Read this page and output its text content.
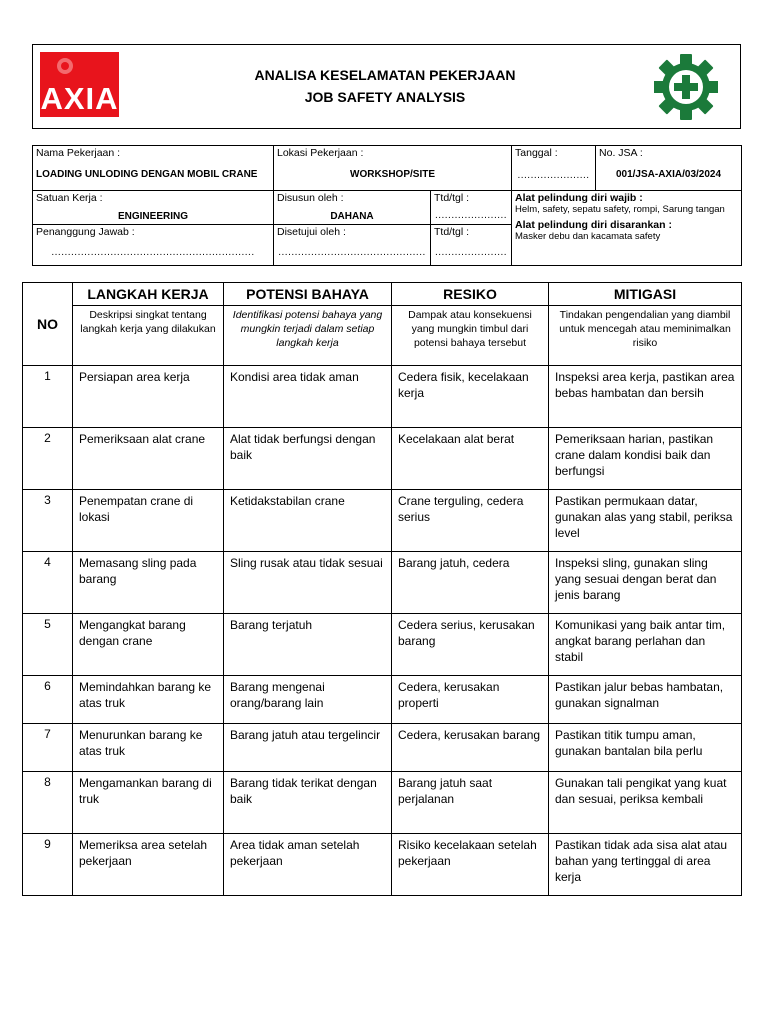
AXIA
ANALISA KESELAMATAN PEKERJAAN
JOB SAFETY ANALYSIS
Nama Pekerjaan :
LOADING UNLODING DENGAN MOBIL CRANE	Lokasi Pekerjaan :
WORKSHOP/SITE		Tanggal :
......................	No. JSA :
001/JSA-AXIA/03/2024

Satuan Kerja :
ENGINEERING	Disusun oleh :
DAHANA	Ttd/tgl :
......................	Alat pelindung diri wajib :
Helm, safety, sepatu safety, rompi, Sarung tangan
Alat pelindung diri disarankan :
Masker debu dan kacamata safety	

Penanggung Jawab :
..............................................................	Disetujui oleh :
.............................................	Ttd/tgl :
......................		
NO	LANGKAH KERJA	POTENSI BAHAYA	RESIKO	MITIGASI
	Deskripsi singkat tentang langkah kerja yang dilakukan	Identifikasi potensi bahaya yang mungkin terjadi dalam setiap langkah kerja	Dampak atau konsekuensi yang mungkin timbul dari potensi bahaya tersebut	Tindakan pengendalian yang diambil untuk mencegah atau meminimalkan risiko
1	Persiapan area kerja	Kondisi area tidak aman	Cedera fisik, kecelakaan kerja	Inspeksi area kerja, pastikan area bebas hambatan dan bersih
2	Pemeriksaan alat crane	Alat tidak berfungsi dengan baik	Kecelakaan alat berat	Pemeriksaan harian, pastikan crane dalam kondisi baik dan berfungsi
3	Penempatan crane di lokasi	Ketidakstabilan crane	Crane terguling, cedera serius	Pastikan permukaan datar, gunakan alas yang stabil, periksa level
4	Memasang sling pada barang	Sling rusak atau tidak sesuai	Barang jatuh, cedera	Inspeksi sling, gunakan sling yang sesuai dengan berat dan jenis barang
5	Mengangkat barang dengan crane	Barang terjatuh	Cedera serius, kerusakan barang	Komunikasi yang baik antar tim, angkat barang perlahan dan stabil
6	Memindahkan barang ke atas truk	Barang mengenai orang/barang lain	Cedera, kerusakan properti	Pastikan jalur bebas hambatan, gunakan signalman
7	Menurunkan barang ke atas truk	Barang jatuh atau tergelincir	Cedera, kerusakan barang	Pastikan titik tumpu aman, gunakan bantalan bila perlu
8	Mengamankan barang di truk	Barang tidak terikat dengan baik	Barang jatuh saat perjalanan	Gunakan tali pengikat yang kuat dan sesuai, periksa kembali
9	Memeriksa area setelah pekerjaan	Area tidak aman setelah pekerjaan	Risiko kecelakaan setelah pekerjaan	Pastikan tidak ada sisa alat atau bahan yang tertinggal di area kerja
